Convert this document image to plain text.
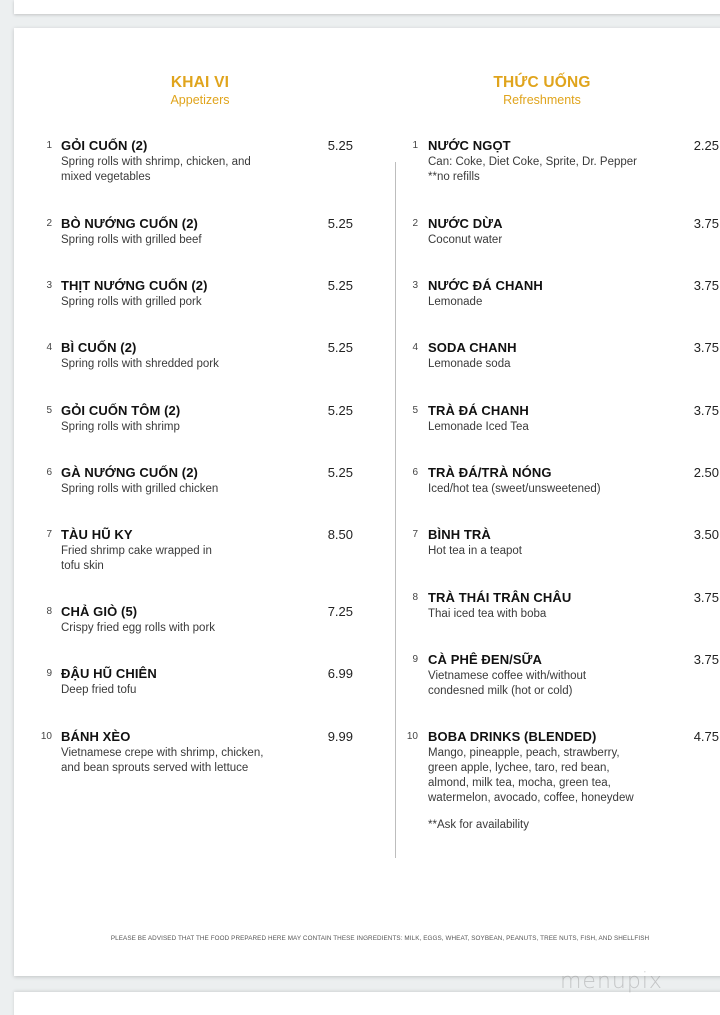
KHAI VI
Appetizers
THỨC UỐNG
Refreshments
1 GỎI CUỐN (2)
Spring rolls with shrimp, chicken, and
mixed vegetables
5.25
2 BÒ NƯỚNG CUỐN (2)
Spring rolls with grilled beef
5.25
3 THỊT NƯỚNG CUỐN (2)
Spring rolls with grilled pork
5.25
4 BÌ CUỐN (2)
Spring rolls with shredded pork
5.25
5 GỎI CUỐN TÔM (2)
Spring rolls with shrimp
5.25
6 GÀ NƯỚNG CUỐN (2)
Spring rolls with grilled chicken
5.25
7 TÀU HŨ KY
Fried shrimp cake wrapped in
tofu skin
8.50
8 CHẢ GIÒ (5)
Crispy fried egg rolls with pork
7.25
9 ĐẬU HŨ CHIÊN
Deep fried tofu
6.99
10 BÁNH XÈO
Vietnamese crepe with shrimp, chicken,
and bean sprouts served with lettuce
9.99
1 NƯỚC NGỌT
Can: Coke, Diet Coke, Sprite, Dr. Pepper
**no refills
2.25
2 NƯỚC DỪA
Coconut water
3.75
3 NƯỚC ĐÁ CHANH
Lemonade
3.75
4 SODA CHANH
Lemonade soda
3.75
5 TRÀ ĐÁ CHANH
Lemonade Iced Tea
3.75
6 TRÀ ĐÁ/TRÀ NÓNG
Iced/hot tea (sweet/unsweetened)
2.50
7 BÌNH TRÀ
Hot tea in a teapot
3.50
8 TRÀ THÁI TRÂN CHÂU
Thai iced tea with boba
3.75
9 CÀ PHÊ ĐEN/SỮA
Vietnamese coffee with/without
condesned milk (hot or cold)
3.75
10 BOBA DRINKS (BLENDED)
Mango, pineapple, peach, strawberry,
green apple, lychee, taro, red bean,
almond, milk tea, mocha, green tea,
watermelon, avocado, coffee, honeydew
4.75
**Ask for availability
PLEASE BE ADVISED THAT THE FOOD PREPARED HERE MAY CONTAIN THESE INGREDIENTS: MILK, EGGS, WHEAT, SOYBEAN, PEANUTS, TREE NUTS, FISH, AND SHELLFISH
menupix
